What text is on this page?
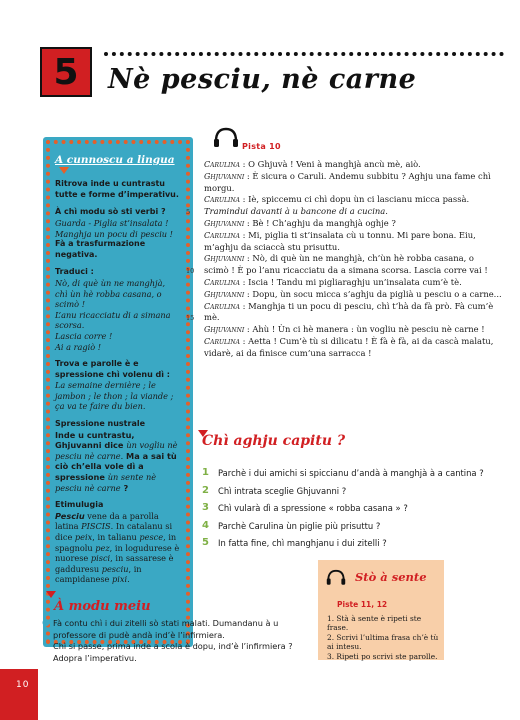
5 Nè pesciu, nè carne
A cunnoscu a lingua
Ritrova inde u cuntrastu tutte e forme d’imperativu.
À chì modu sò sti verbi ?
Guarda - Piglia st’insalata !
Manghja un pocu di pesciu !
Fà a trasfurmazione negativa.
Traduci :
Nò, di què ùn ne manghjà,
chì ùn hè robba casana, o scimò !
L’anu ricacciatu di a simana scorsa.
Lascia corre !
Ai a ragiò !
Trova e parolle è e spressione chì volenu dì :
La semaine dernière ; le jambon ; le thon ; la viande ; ça va te faire du bien.
Spressione nustrale
Inde u cuntrastu, Ghjuvanni dice ùn vogliu nè pesciu nè carne. Ma a sai tù ciò ch’ella vole dì a spressione ùn sente nè pesciu nè carne ?
Etimulugia
Pesciu vene da a parolla latina PISCIS. In catalanu si dice peix, in talianu pesce, in spagnolu pez, in logudurese è nuorese pisci, in sassarese è gadduresu pesciu, in campidanese pixi.
Pista 10
Carulina : O Ghjuvà ! Veni à manghjà ancù mè, aiò.
Ghjuvanni : È sicura o Caruli. Andemu subbitu ? Aghju una fame chì morgu.
Carulina : Iè, spiccemu ci chì dopu ùn ci lascianu micca passà.
5 Tramindui davanti à u bancone di a cucina.
Ghjuvanni : Bè ! Ch’aghju da manghjà oghje ?
Carulina : Mi, piglia ti st’insalata cù u tonnu. Mi pare bona. Eiu, m’aghju da sciaccà stu prisuttu.
Ghjuvanni : Nò, di què ùn ne manghjà, ch’ùn hè robba casana, o
10 scimò ! È po l’anu ricacciatu da a simana scorsa. Lascia corre vai !
Carulina : Iscia ! Tandu mi pigliaraghju un’insalata cum’è tè.
Ghjuvanni : Dopu, ùn socu micca s’aghju da piglià u pesciu o a carne...
Carulina : Manghja ti un pocu di pesciu, chì t’hà da fà prò. Fà cum’è
15 mè.
Ghjuvanni : Ahù ! Ùn ci hè manera : ùn vogliu nè pesciu nè carne !
Carulina : Aetta ! Cum’è tù si dilicatu ! È fà è fà, ai da cascà malatu, vidarè, ai da finisce cum’una sarracca !
Chì aghju capitu ?
1	Parchè i dui amichi si spiccianu d’andà à manghjà à a cantina ?
2	Chì intrata sceglie Ghjuvanni ?
3	Chì vularà dì a spressione « robba casana » ?
4	Parchè Carulina ùn piglie più prisuttu ?
5	In fatta fine, chì manghjanu i dui zitelli ?
Stò à sente
Piste 11, 12
1. Stà à sente è ripeti ste frase.
2. Scrivi l’ultima frasa ch’è tù ai intesu.
3. Ripeti po scrivi ste parolle.
À modu meiu
● Fà contu chì i dui zitelli sò stati malati. Dumandanu à u professore di pudè andà ind’è l’infirmiera.
Chì si passe, prima inde a scola è dopu, ind’è l’infirmiera ? Adopra l’imperativu.
10
